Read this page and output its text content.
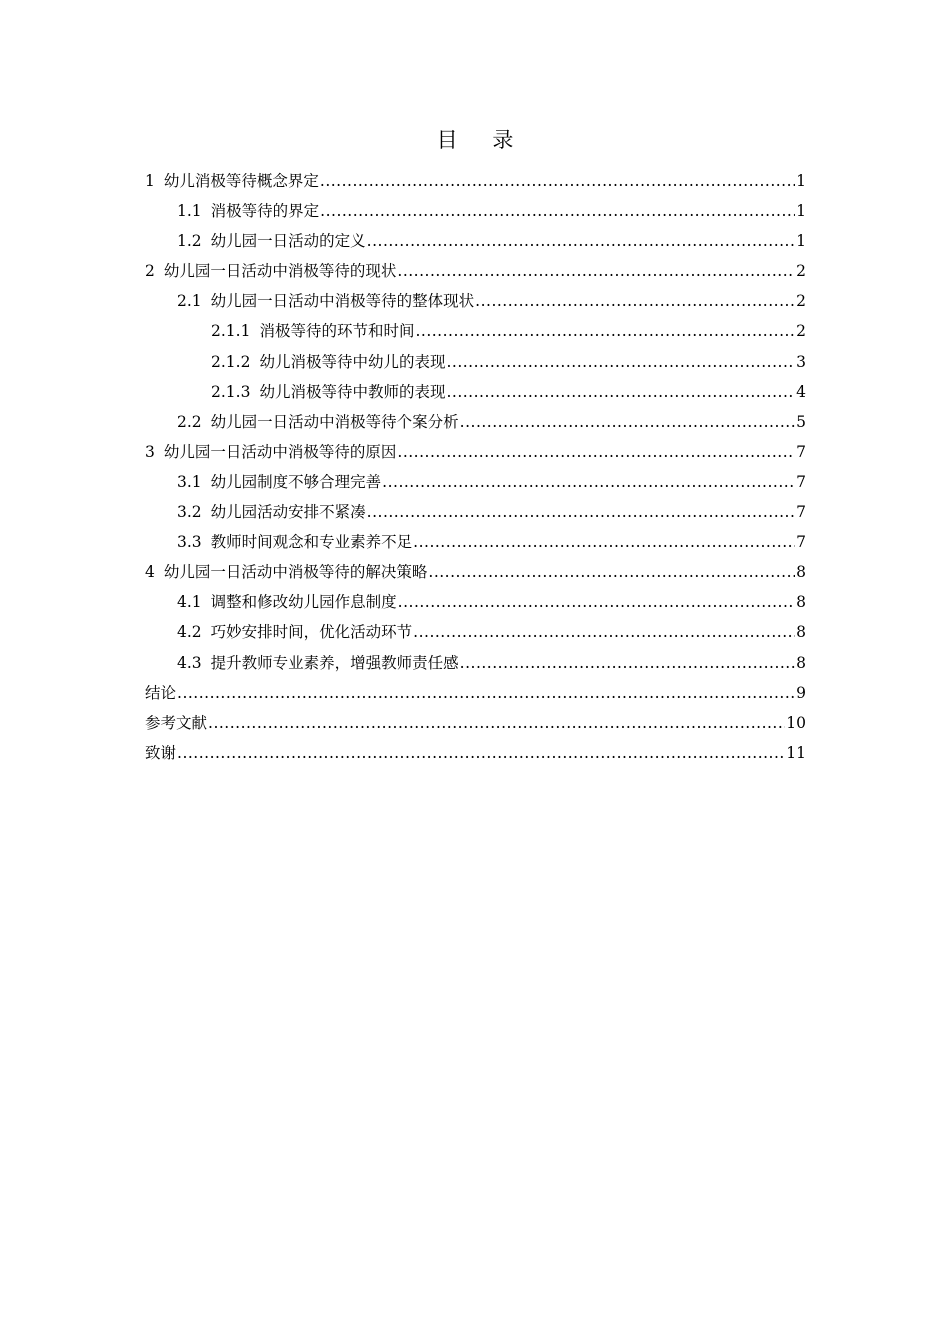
目 录
1 幼儿消极等待概念界定 .....	1
1.1 消极等待的界定 .....	1
1.2 幼儿园一日活动的定义 .....	1
2 幼儿园一日活动中消极等待的现状 .....	2
2.1 幼儿园一日活动中消极等待的整体现状 .....	2
2.1.1 消极等待的环节和时间 .....	2
2.1.2 幼儿消极等待中幼儿的表现 .....	3
2.1.3 幼儿消极等待中教师的表现 .....	4
2.2 幼儿园一日活动中消极等待个案分析 .....	5
3 幼儿园一日活动中消极等待的原因 .....	7
3.1 幼儿园制度不够合理完善 .....	7
3.2 幼儿园活动安排不紧凑 .....	7
3.3 教师时间观念和专业素养不足 .....	7
4 幼儿园一日活动中消极等待的解决策略 .....	8
4.1 调整和修改幼儿园作息制度 .....	8
4.2 巧妙安排时间，优化活动环节 .....	8
4.3 提升教师专业素养，增强教师责任感 .....	8
结论 .....	9
参考文献 .....	10
致谢 .....	11
